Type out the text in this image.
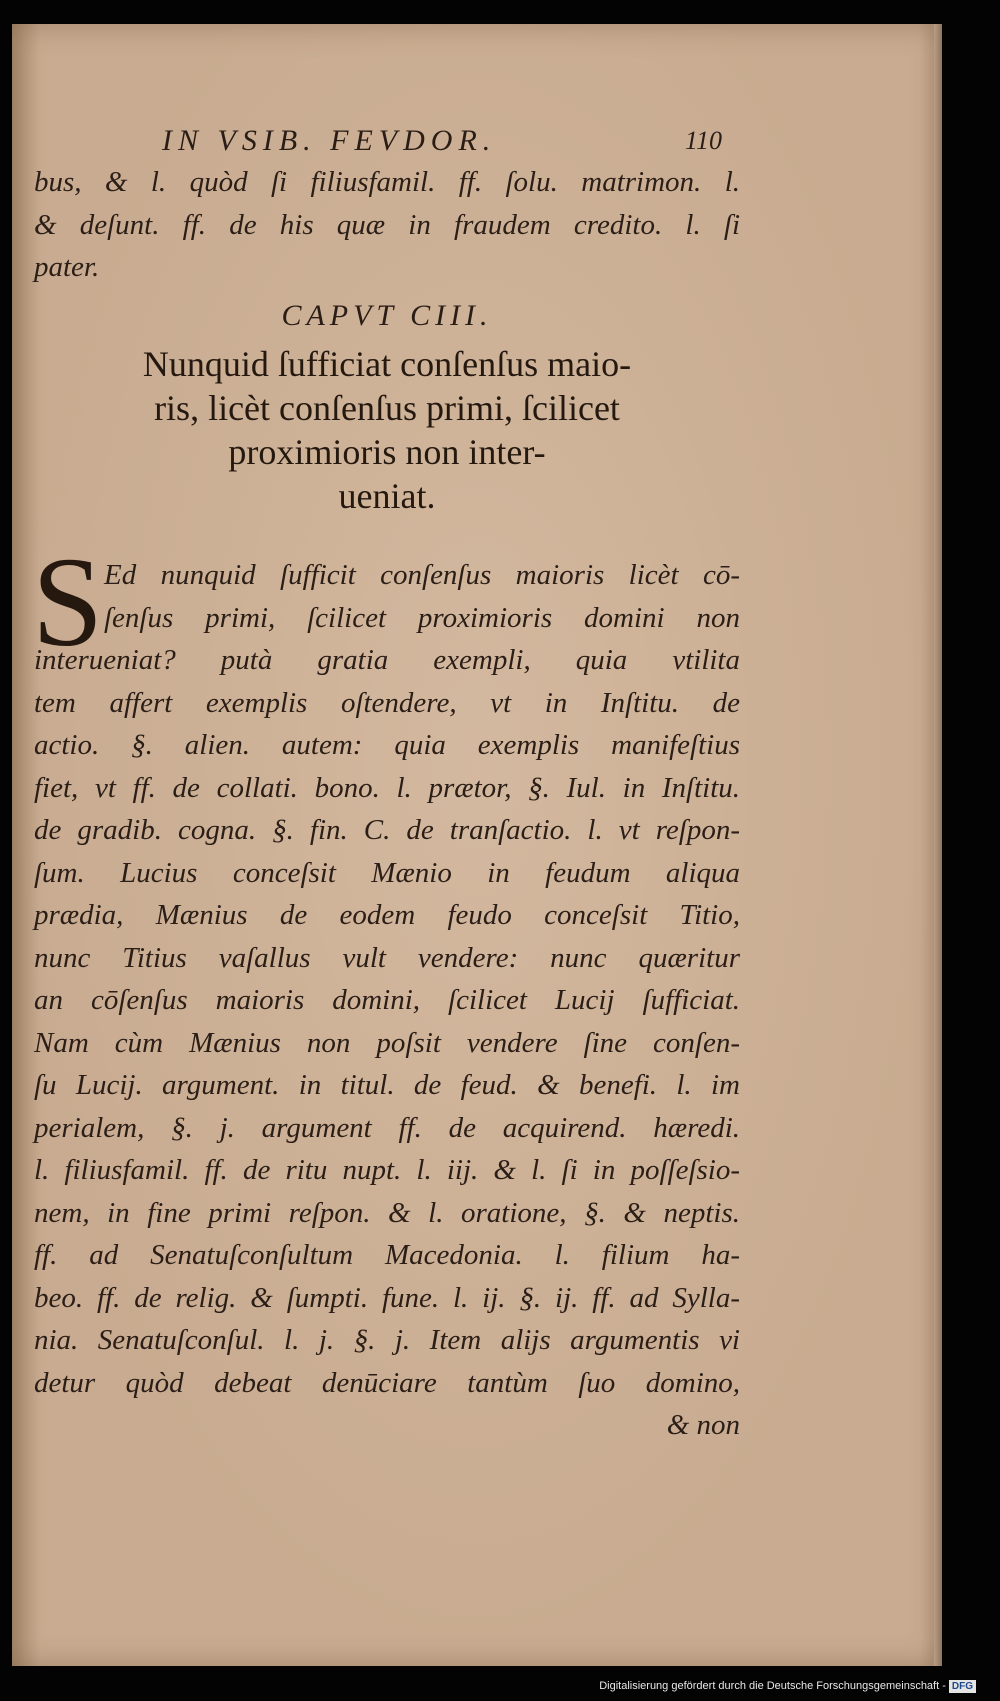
IN VSIB. FEVDOR.	110
bus, & l. quòd ſi filiusfamil. ff. ſolu. matrimon. l.
& deſunt. ff. de his quæ in fraudem credito. l. ſi
pater.
CAPVT CIII.
Nunquid ſufficiat conſenſus maio-
ris, licèt conſenſus primi, ſcilicet
proximioris non inter-
ueniat.
S Ed nunquid ſufficit conſenſus maioris licèt cō-
ſenſus primi, ſcilicet proximioris domini non
interueniat? putà gratia exempli, quia vtilita
tem affert exemplis oſtendere, vt in Inſtitu. de
actio. §. alien. autem: quia exemplis manifeſtius
fiet, vt ff. de collati. bono. l. prætor, §. Iul. in Inſtitu.
de gradib. cogna. §. fin. C. de tranſactio. l. vt reſpon-
ſum. Lucius conceſsit Mænio in feudum aliqua
prædia, Mænius de eodem feudo conceſsit Titio,
nunc Titius vaſallus vult vendere: nunc quæritur
an cōſenſus maioris domini, ſcilicet Lucij ſufficiat.
Nam cùm Mænius non poſsit vendere ſine conſen-
ſu Lucij. argument. in titul. de feud. & benefi. l. im
perialem, §. j. argument ff. de acquirend. hæredi.
l. filiusfamil. ff. de ritu nupt. l. iij. & l. ſi in poſſeſsio-
nem, in fine primi reſpon. & l. oratione, §. & neptis.
ff. ad Senatuſconſultum Macedonia. l. filium ha-
beo. ff. de relig. & ſumpti. fune. l. ij. §. ij. ff. ad Sylla-
nia. Senatuſconſul. l. j. §. j. Item alijs argumentis vi
detur quòd debeat denūciare tantùm ſuo domino,
& non
Digitalisierung gefördert durch die Deutsche Forschungsgemeinschaft - DFG
